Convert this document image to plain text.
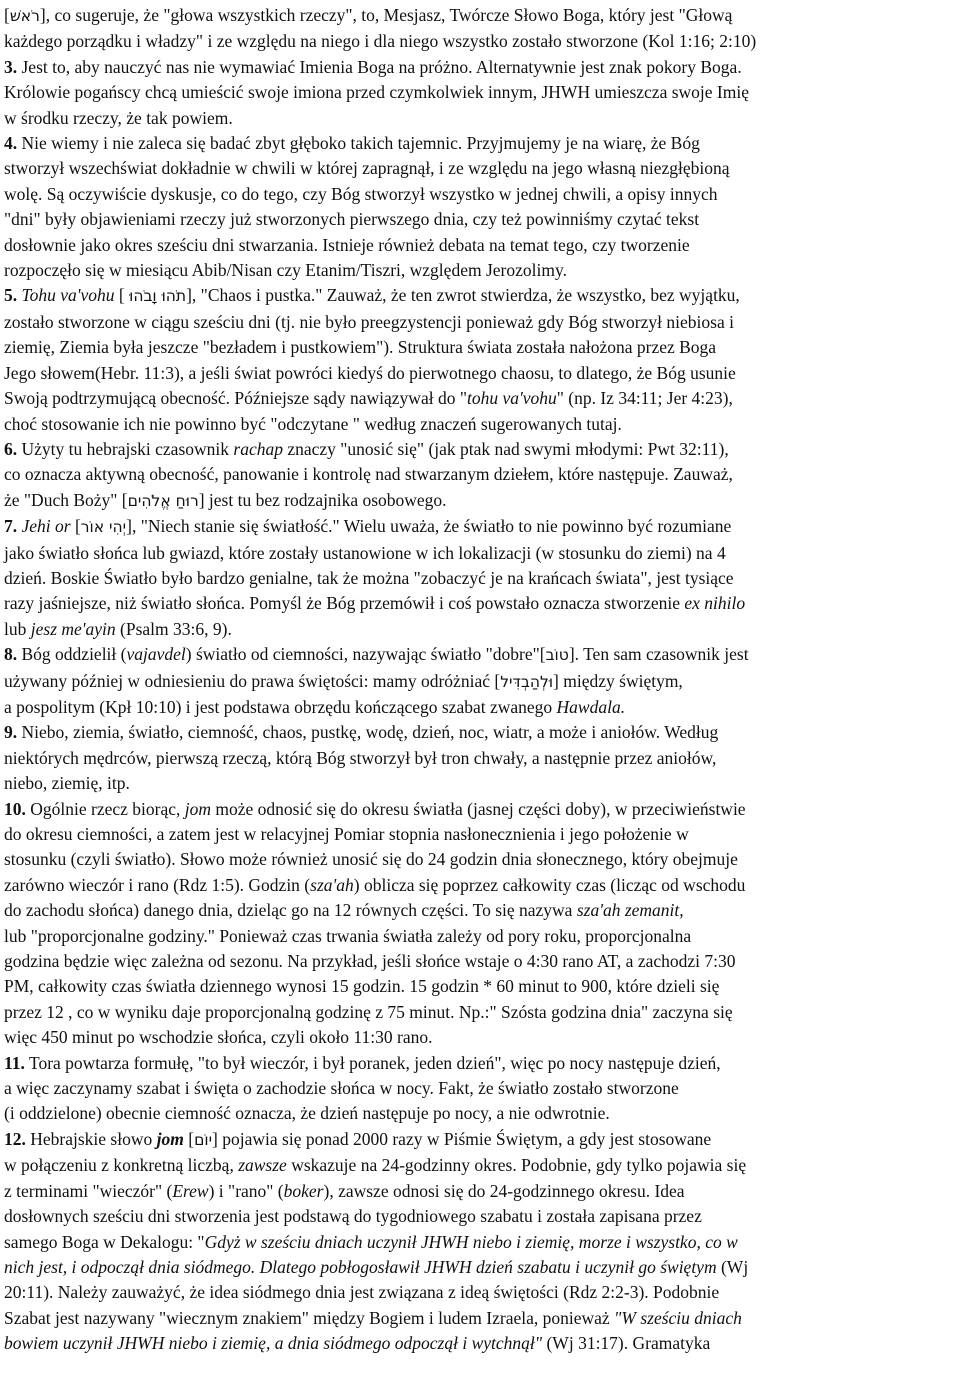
[רֹאשׁ], co sugeruje, że "głowa wszystkich rzeczy", to, Mesjasz, Twórcze Słowo Boga, który jest "Głową
każdego porządku i władzy" i ze względu na niego i dla niego wszystko zostało stworzone (Kol 1:16; 2:10)

3. Jest to, aby nauczyć nas nie wymawiać Imienia Boga na próżno. Alternatywnie jest znak pokory Boga.
Królowie pogańscy chcą umieścić swoje imiona przed czymkolwiek innym, JHWH umieszcza swoje Imię
w środku rzeczy, że tak powiem.

4. Nie wiemy i nie zaleca się badać zbyt głęboko takich tajemnic. Przyjmujemy je na wiarę, że Bóg
stworzył wszechświat dokładnie w chwili w której zapragnął, i ze względu na jego własną niezgłębioną
wolę. Są oczywiście dyskusje, co do tego, czy Bóg stworzył wszystko w jednej chwili, a opisy innych
"dni" były objawieniami rzeczy już stworzonych pierwszego dnia, czy też powinniśmy czytać tekst
dosłownie jako okres sześciu dni stwarzania. Istnieje również debata na temat tego, czy tworzenie
rozpoczęło się w miesiącu Abib/Nisan czy Etanim/Tiszri, względem Jerozolimy.

5. Tohu va'vohu [ תֹהוּ וָבֹהוּ], "Chaos i pustka." Zauważ, że ten zwrot stwierdza, że wszystko, bez wyjątku,
zostało stworzone w ciągu sześciu dni (tj. nie było preegzystencji ponieważ gdy Bóg stworzył niebiosa i
ziemię, Ziemia była jeszcze "bezładem i pustkowiem"). Struktura świata została nałożona przez Boga
Jego słowem(Hebr. 11:3), a jeśli świat powróci kiedyś do pierwotnego chaosu, to dlatego, że Bóg usunie
Swoją podtrzymującą obecność. Późniejsze sądy nawiązywał do "tohu va'vohu" (np. Iz 34:11; Jer 4:23),
choć stosowanie ich nie powinno być "odczytane " według znaczeń sugerowanych tutaj.

6. Użyty tu hebrajski czasownik rachap znaczy "unosić się" (jak ptak nad swymi młodymi: Pwt 32:11),
co oznacza aktywną obecność, panowanie i kontrolę nad stwarzanym dziełem, które następuje. Zauważ,
że "Duch Boży" [רוּחַ אֱלֹהִים] jest tu bez rodzajnika osobowego.

7. Jehi or [יְהִי אוֹר], "Niech stanie się światłość." Wielu uważa, że światło to nie powinno być rozumiane
jako światło słońca lub gwiazd, które zostały ustanowione w ich lokalizacji (w stosunku do ziemi) na 4
dzień. Boskie Światło było bardzo genialne, tak że można "zobaczyć je na krańcach świata", jest tysiące
razy jaśniejsze, niż światło słońca. Pomyśl że Bóg przemówił i coś powstało oznacza stworzenie ex nihilo
lub jesz me'ayin (Psalm 33:6, 9).

8. Bóg oddzielił (vajavdel) światło od ciemności, nazywając światło "dobre"[טוֹב]. Ten sam czasownik jest
używany później w odniesieniu do prawa świętości: mamy odróżniać [וּלְהַבְדִּיל] między świętym,
a pospolitym (Kpł 10:10) i jest podstawa obrzędu kończącego szabat zwanego Hawdala.

9. Niebo, ziemia, światło, ciemność, chaos, pustkę, wodę, dzień, noc, wiatr, a może i aniołów. Według
niektórych mędrców, pierwszą rzeczą, którą Bóg stworzył był tron chwały, a następnie przez aniołów,
niebo, ziemię, itp.

10. Ogólnie rzecz biorąc, jom może odnosić się do okresu światła (jasnej części doby), w przeciwieństwie
do okresu ciemności, a zatem jest w relacyjnej Pomiar stopnia nasłonecznienia i jego położenie w
stosunku (czyli światło). Słowo może również unosić się do 24 godzin dnia słonecznego, który obejmuje
zarówno wieczór i rano (Rdz 1:5). Godzin (sza'ah) oblicza się poprzez całkowity czas (licząc od wschodu
do zachodu słońca) danego dnia, dzieląc go na 12 równych części. To się nazywa sza'ah zemanit,
lub "proporcjonalne godziny." Ponieważ czas trwania światła zależy od pory roku, proporcjonalna
godzina będzie więc zależna od sezonu. Na przykład, jeśli słońce wstaje o 4:30 rano AT, a zachodzi 7:30
PM, całkowity czas światła dziennego wynosi 15 godzin. 15 godzin * 60 minut to 900, które dzieli się
przez 12 , co w wyniku daje proporcjonalną godzinę z 75 minut. Np.:" Szósta godzina dnia" zaczyna się
więc 450 minut po wschodzie słońca, czyli około 11:30 rano.

11. Tora powtarza formułę, "to był wieczór, i był poranek, jeden dzień", więc po nocy następuje dzień,
a więc zaczynamy szabat i święta o zachodzie słońca w nocy. Fakt, że światło zostało stworzone
(i oddzielone) obecnie ciemność oznacza, że dzień następuje po nocy, a nie odwrotnie.

12. Hebrajskie słowo jom [יוֹם] pojawia się ponad 2000 razy w Piśmie Świętym, a gdy jest stosowane
w połączeniu z konkretną liczbą, zawsze wskazuje na 24-godzinny okres. Podobnie, gdy tylko pojawia się
z terminami "wieczór" (Erew) i "rano" (boker), zawsze odnosi się do 24-godzinnego okresu. Idea
dosłownych sześciu dni stworzenia jest podstawą do tygodniowego szabatu i została zapisana przez
samego Boga w Dekalogu: "Gdyż w sześciu dniach uczynił JHWH niebo i ziemię, morze i wszystko, co w
nich jest, i odpoczął dnia siódmego. Dlatego pobłogosławił JHWH dzień szabatu i uczynił go świętym (Wj
20:11). Należy zauważyć, że idea siódmego dnia jest związana z ideą świętości (Rdz 2:2-3). Podobnie
Szabat jest nazywany "wiecznym znakiem" między Bogiem i ludem Izraela, ponieważ "W sześciu dniach
bowiem uczynił JHWH niebo i ziemię, a dnia siódmego odpoczął i wytchnął" (Wj 31:17). Gramatyka
